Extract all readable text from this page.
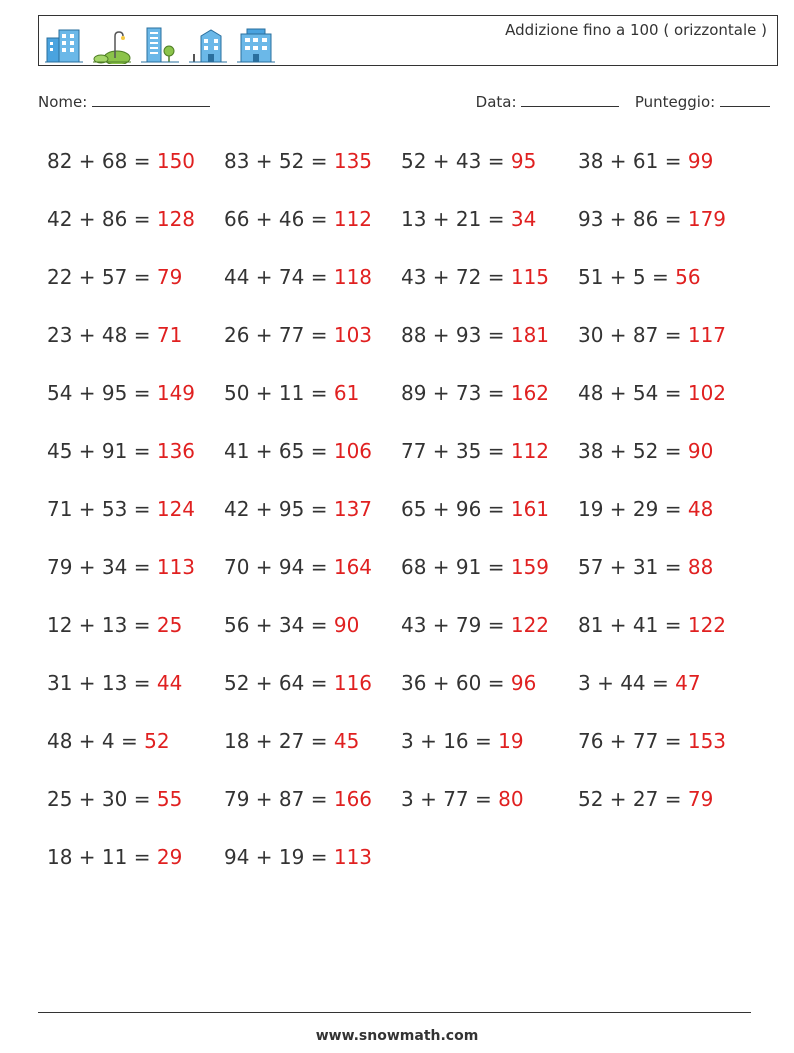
Addizione fino a 100 ( orizzontale )
Nome:	Data:	Punteggio:
82 + 68 = 150	83 + 52 = 135	52 + 43 = 95	38 + 61 = 99
42 + 86 = 128	66 + 46 = 112	13 + 21 = 34	93 + 86 = 179
22 + 57 = 79	44 + 74 = 118	43 + 72 = 115	51 + 5 = 56
23 + 48 = 71	26 + 77 = 103	88 + 93 = 181	30 + 87 = 117
54 + 95 = 149	50 + 11 = 61	89 + 73 = 162	48 + 54 = 102
45 + 91 = 136	41 + 65 = 106	77 + 35 = 112	38 + 52 = 90
71 + 53 = 124	42 + 95 = 137	65 + 96 = 161	19 + 29 = 48
79 + 34 = 113	70 + 94 = 164	68 + 91 = 159	57 + 31 = 88
12 + 13 = 25	56 + 34 = 90	43 + 79 = 122	81 + 41 = 122
31 + 13 = 44	52 + 64 = 116	36 + 60 = 96	3 + 44 = 47
48 + 4 = 52	18 + 27 = 45	3 + 16 = 19	76 + 77 = 153
25 + 30 = 55	79 + 87 = 166	3 + 77 = 80	52 + 27 = 79
18 + 11 = 29	94 + 19 = 113
www.snowmath.com
